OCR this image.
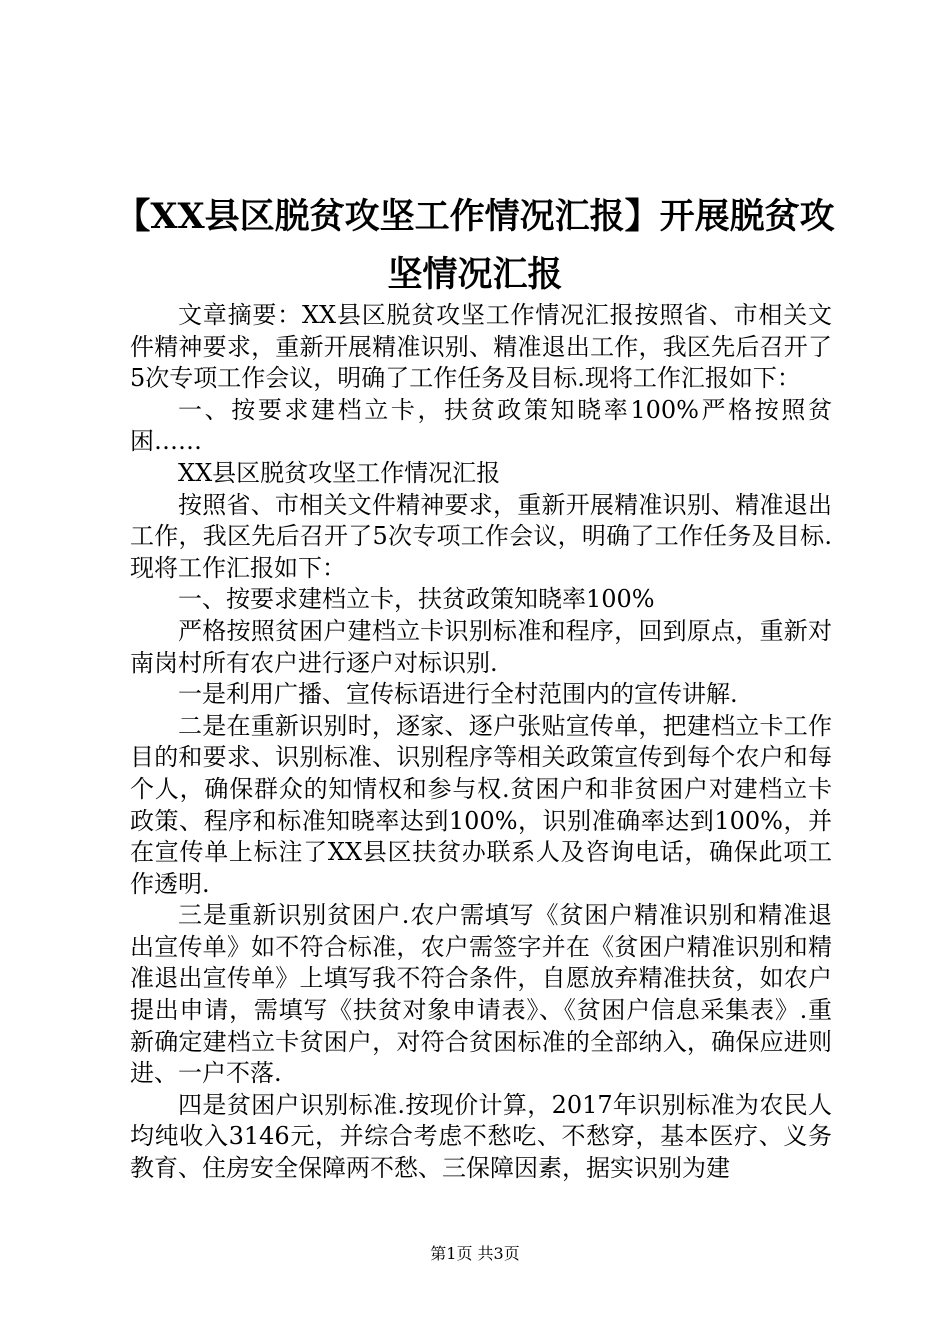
【XX县区脱贫攻坚工作情况汇报】开展脱贫攻坚情况汇报

文章摘要：XX县区脱贫攻坚工作情况汇报按照省、市相关文件精神要求，重新开展精准识别、精准退出工作，我区先后召开了5次专项工作会议，明确了工作任务及目标.现将工作汇报如下：

一、按要求建档立卡，扶贫政策知晓率100%严格按照贫困……

XX县区脱贫攻坚工作情况汇报

按照省、市相关文件精神要求，重新开展精准识别、精准退出工作，我区先后召开了5次专项工作会议，明确了工作任务及目标.现将工作汇报如下：

一、按要求建档立卡，扶贫政策知晓率100%

严格按照贫困户建档立卡识别标准和程序，回到原点，重新对南岗村所有农户进行逐户对标识别.

一是利用广播、宣传标语进行全村范围内的宣传讲解.

二是在重新识别时，逐家、逐户张贴宣传单，把建档立卡工作目的和要求、识别标准、识别程序等相关政策宣传到每个农户和每个人，确保群众的知情权和参与权.贫困户和非贫困户对建档立卡政策、程序和标准知晓率达到100%，识别准确率达到100%，并在宣传单上标注了XX县区扶贫办联系人及咨询电话，确保此项工作透明.

三是重新识别贫困户.农户需填写《贫困户精准识别和精准退出宣传单》如不符合标准，农户需签字并在《贫困户精准识别和精准退出宣传单》上填写我不符合条件，自愿放弃精准扶贫，如农户提出申请，需填写《扶贫对象申请表》、《贫困户信息采集表》.重新确定建档立卡贫困户，对符合贫困标准的全部纳入，确保应进则进、一户不落.

四是贫困户识别标准.按现价计算，2017年识别标准为农民人均纯收入3146元，并综合考虑不愁吃、不愁穿，基本医疗、义务教育、住房安全保障两不愁、三保障因素，据实识别为建

第1页 共3页
